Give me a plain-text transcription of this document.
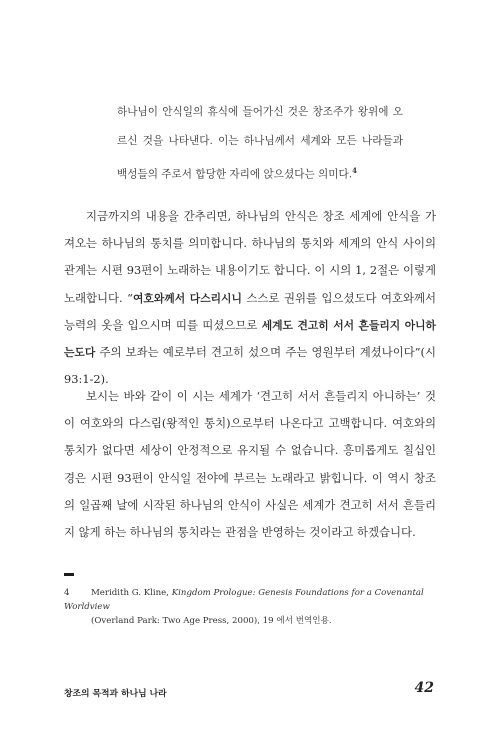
하나님이 안식일의 휴식에 들어가신 것은 창조주가 왕위에 오르신 것을 나타낸다. 이는 하나님께서 세계와 모든 나라들과 백성들의 주로서 합당한 자리에 앉으셨다는 의미다.$^4$
지금까지의 내용을 간추리면, 하나님의 안식은 창조 세계에 안식을 가져오는 하나님의 통치를 의미합니다. 하나님의 통치와 세계의 안식 사이의 관계는 시편 93편이 노래하는 내용이기도 합니다. 이 시의 1, 2절은 이렇게 노래합니다. “여호와께서 다스리시니 스스로 권위를 입으셨도다 여호와께서 능력의 옷을 입으시며 띠를 띠셨으므로 세계도 견고히 서서 흔들리지 아니하는도다 주의 보좌는 예로부터 견고히 섰으며 주는 영원부터 계셨나이다”(시 93:1-2).
보시는 바와 같이 이 시는 세계가 ‘견고히 서서 흔들리지 아니하는’ 것이 여호와의 다스림(왕적인 통치)으로부터 나온다고 고백합니다. 여호와의 통치가 없다면 세상이 안정적으로 유지될 수 없습니다. 흥미롭게도 칠십인경은 시편 93편이 안식일 전야에 부르는 노래라고 밝힙니다. 이 역시 창조의 일곱째 날에 시작된 하나님의 안식이 사실은 세계가 견고히 서서 흔들리지 않게 하는 하나님의 통치라는 관점을 반영하는 것이라고 하겠습니다.
4	Meridith G. Kline, Kingdom Prologue: Genesis Foundations for a Covenantal Worldview
(Overland Park: Two Age Press, 2000), 19 에서 번역인용.
창조의 목적과 하나님 나라	42
